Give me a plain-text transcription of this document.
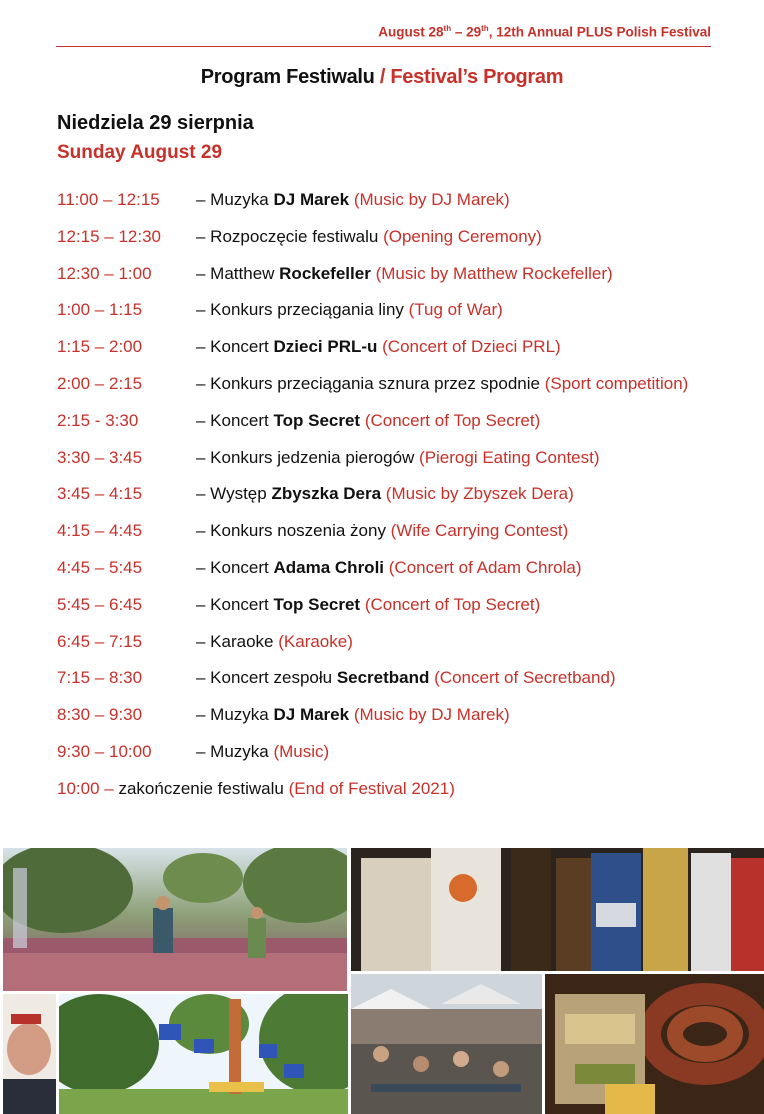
August 28th – 29th, 12th Annual PLUS Polish Festival
Program Festiwalu / Festival’s Program
Niedziela 29 sierpnia
Sunday August 29
11:00 – 12:15	– Muzyka DJ Marek (Music by DJ Marek)
12:15 – 12:30	– Rozpoczęcie festiwalu (Opening Ceremony)
12:30 – 1:00	– Matthew Rockefeller (Music by Matthew Rockefeller)
1:00 – 1:15	– Konkurs przeciągania liny (Tug of War)
1:15 – 2:00	– Koncert Dzieci PRL-u (Concert of Dzieci PRL)
2:00 – 2:15	– Konkurs przeciągania sznura przez spodnie (Sport competition)
2:15 - 3:30	– Koncert Top Secret (Concert of Top Secret)
3:30 – 3:45	– Konkurs jedzenia pierogów (Pierogi Eating Contest)
3:45 – 4:15	– Występ Zbyszka Dera (Music by Zbyszek Dera)
4:15 – 4:45	– Konkurs noszenia żony (Wife Carrying Contest)
4:45 – 5:45	– Koncert Adama Chroli (Concert of Adam Chrola)
5:45 – 6:45	– Koncert Top Secret (Concert of Top Secret)
6:45 – 7:15	– Karaoke (Karaoke)
7:15 – 8:30	– Koncert zespołu Secretband (Concert of Secretband)
8:30 – 9:30	– Muzyka DJ Marek (Music by DJ Marek)
9:30 – 10:00	– Muzyka (Music)
10:00 – zakończenie festiwalu (End of Festival 2021)
